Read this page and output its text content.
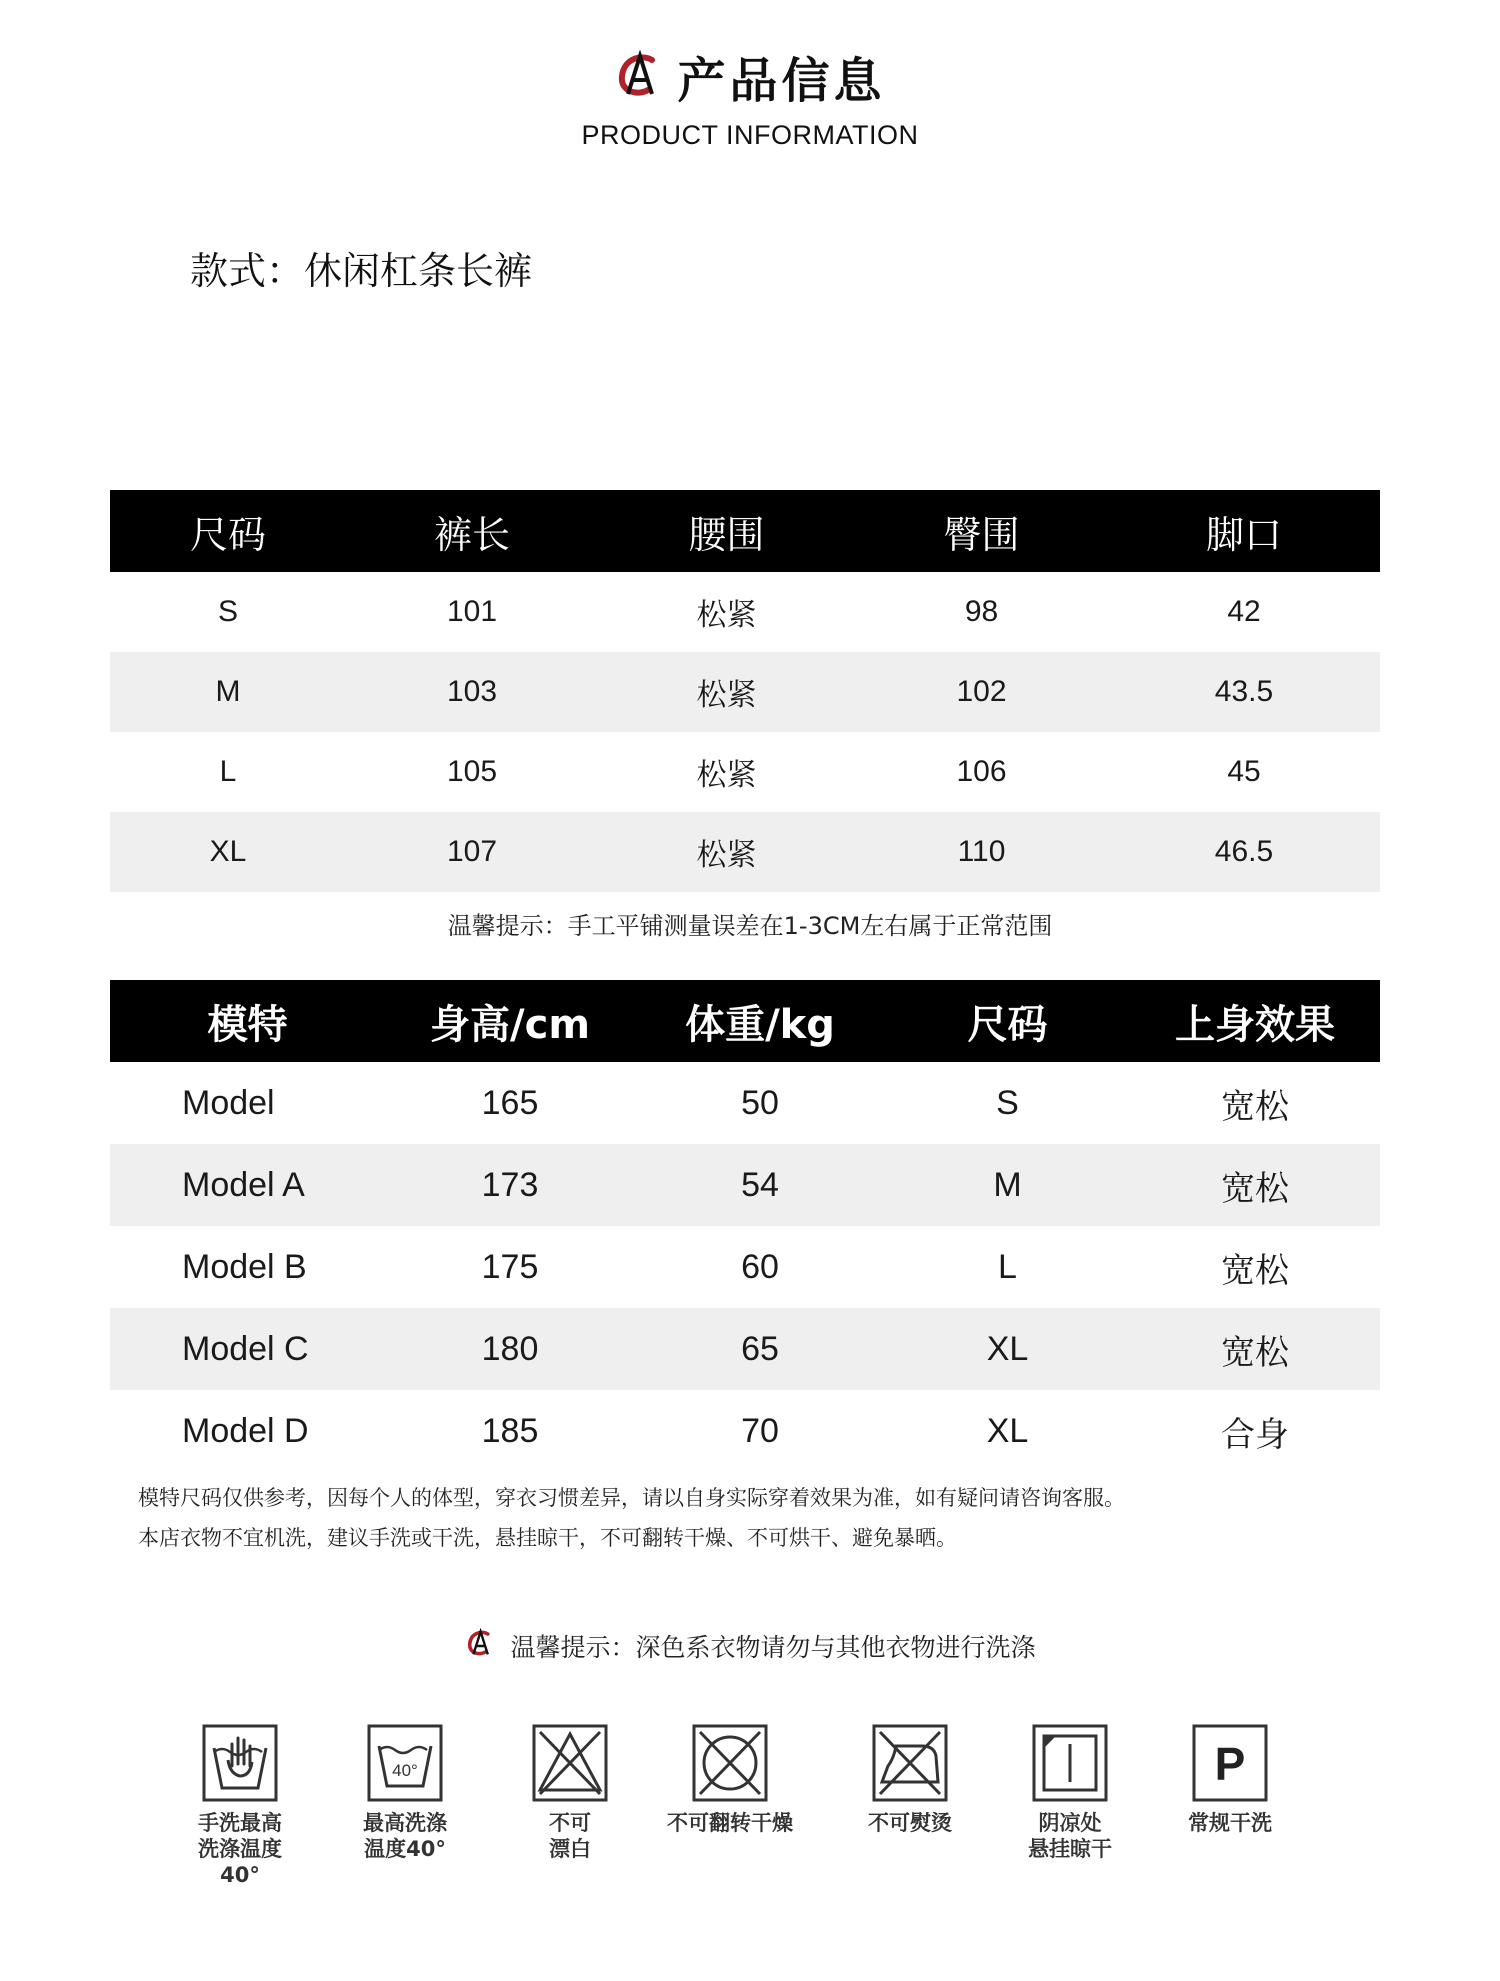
产品信息
PRODUCT INFORMATION
款式：休闲杠条长裤
尺码	裤长	腰围	臀围	脚口
S	101	松紧	98	42
M	103	松紧	102	43.5
L	105	松紧	106	45
XL	107	松紧	110	46.5
温馨提示：手工平铺测量误差在1-3CM左右属于正常范围
模特	身高/cm	体重/kg	尺码	上身效果
Model	165	50	S	宽松
Model A	173	54	M	宽松
Model B	175	60	L	宽松
Model C	180	65	XL	宽松
Model D	185	70	XL	合身
模特尺码仅供参考，因每个人的体型，穿衣习惯差异，请以自身实际穿着效果为准，如有疑问请咨询客服。
本店衣物不宜机洗，建议手洗或干洗，悬挂晾干，不可翻转干燥、不可烘干、避免暴晒。
温馨提示：深色系衣物请勿与其他衣物进行洗涤
手洗最高
洗涤温度40°
40°
最高洗涤
温度40°
不可
漂白
不可翻转干燥	不可熨烫	阴凉处
悬挂晾干
P
常规干洗
